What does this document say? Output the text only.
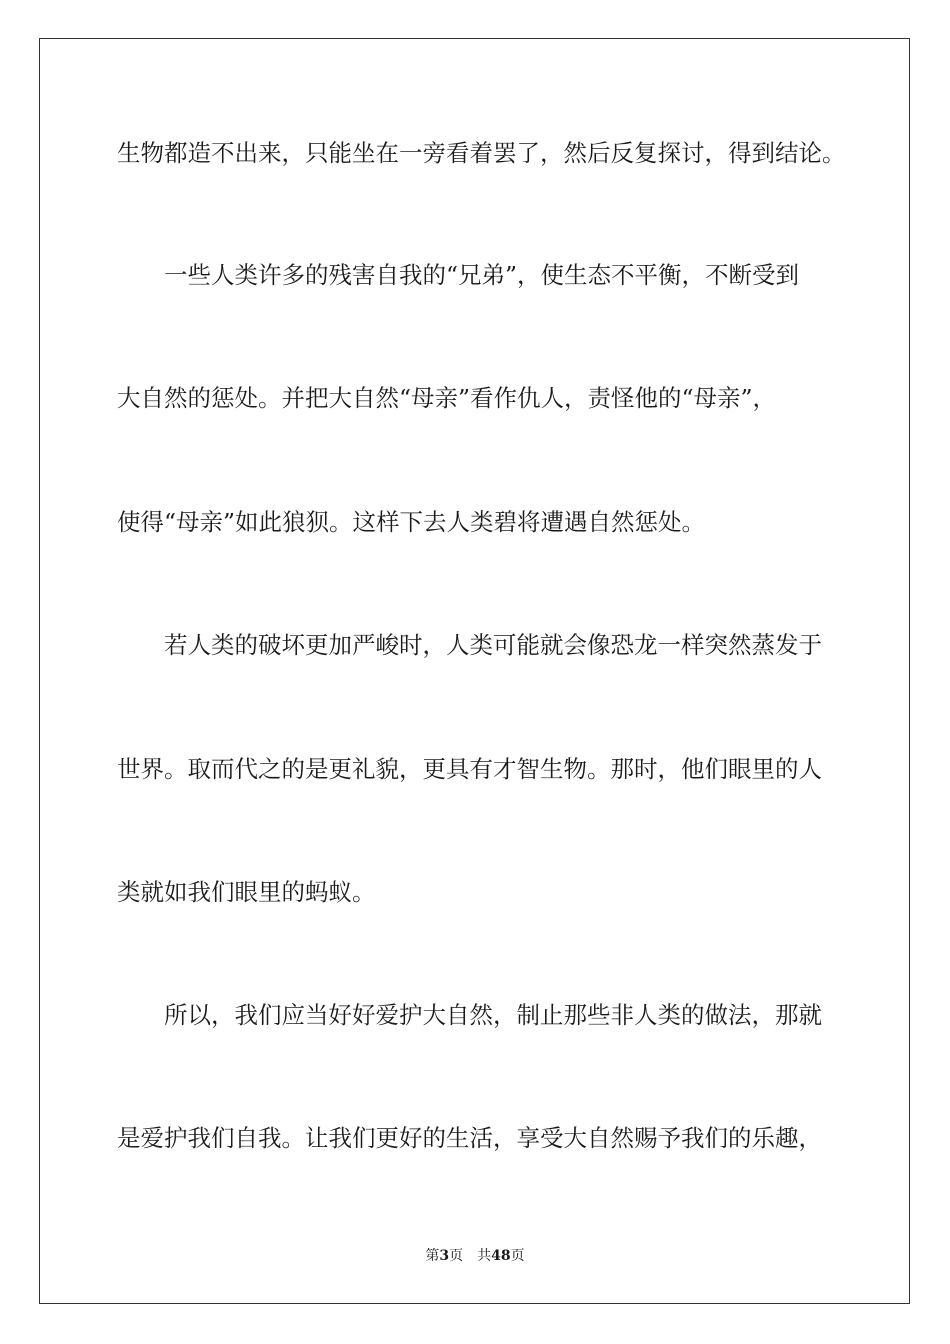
生物都造不出来，只能坐在一旁看着罢了，然后反复探讨，得到结论。
一些人类许多的残害自我的“兄弟”，使生态不平衡，不断受到
大自然的惩处。并把大自然“母亲”看作仇人，责怪他的“母亲”，
使得“母亲”如此狼狈。这样下去人类碧将遭遇自然惩处。
若人类的破坏更加严峻时，人类可能就会像恐龙一样突然蒸发于
世界。取而代之的是更礼貌，更具有才智生物。那时，他们眼里的人
类就如我们眼里的蚂蚁。
所以，我们应当好好爱护大自然，制止那些非人类的做法，那就
是爱护我们自我。让我们更好的生活，享受大自然赐予我们的乐趣，
第3页 共48页
